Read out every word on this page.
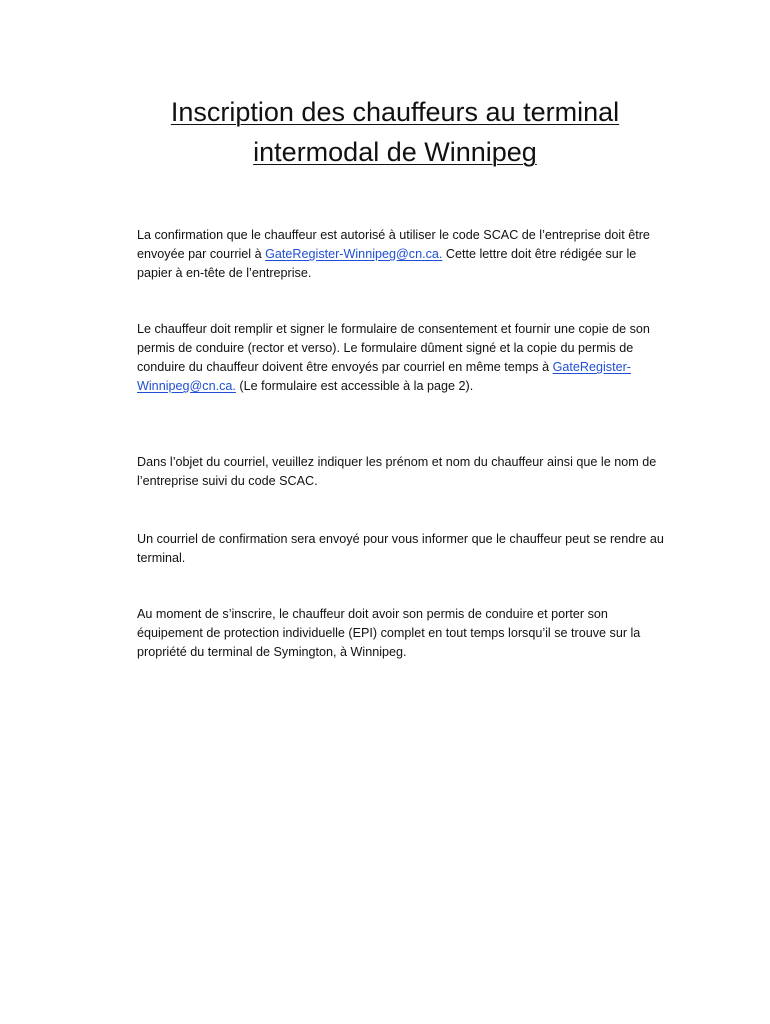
Inscription des chauffeurs au terminal
intermodal de Winnipeg

La confirmation que le chauffeur est autorisé à utiliser le code SCAC de l’entreprise doit être envoyée par courriel à GateRegister-Winnipeg@cn.ca. Cette lettre doit être rédigée sur le papier à en-tête de l’entreprise.

Le chauffeur doit remplir et signer le formulaire de consentement et fournir une copie de son permis de conduire (rector et verso). Le formulaire dûment signé et la copie du permis de conduire du chauffeur doivent être envoyés par courriel en même temps à GateRegister-Winnipeg@cn.ca. (Le formulaire est accessible à la page 2).

Dans l’objet du courriel, veuillez indiquer les prénom et nom du chauffeur ainsi que le nom de l’entreprise suivi du code SCAC.

Un courriel de confirmation sera envoyé pour vous informer que le chauffeur peut se rendre au terminal.

Au moment de s’inscrire, le chauffeur doit avoir son permis de conduire et porter son équipement de protection individuelle (EPI) complet en tout temps lorsqu’il se trouve sur la propriété du terminal de Symington, à Winnipeg.
